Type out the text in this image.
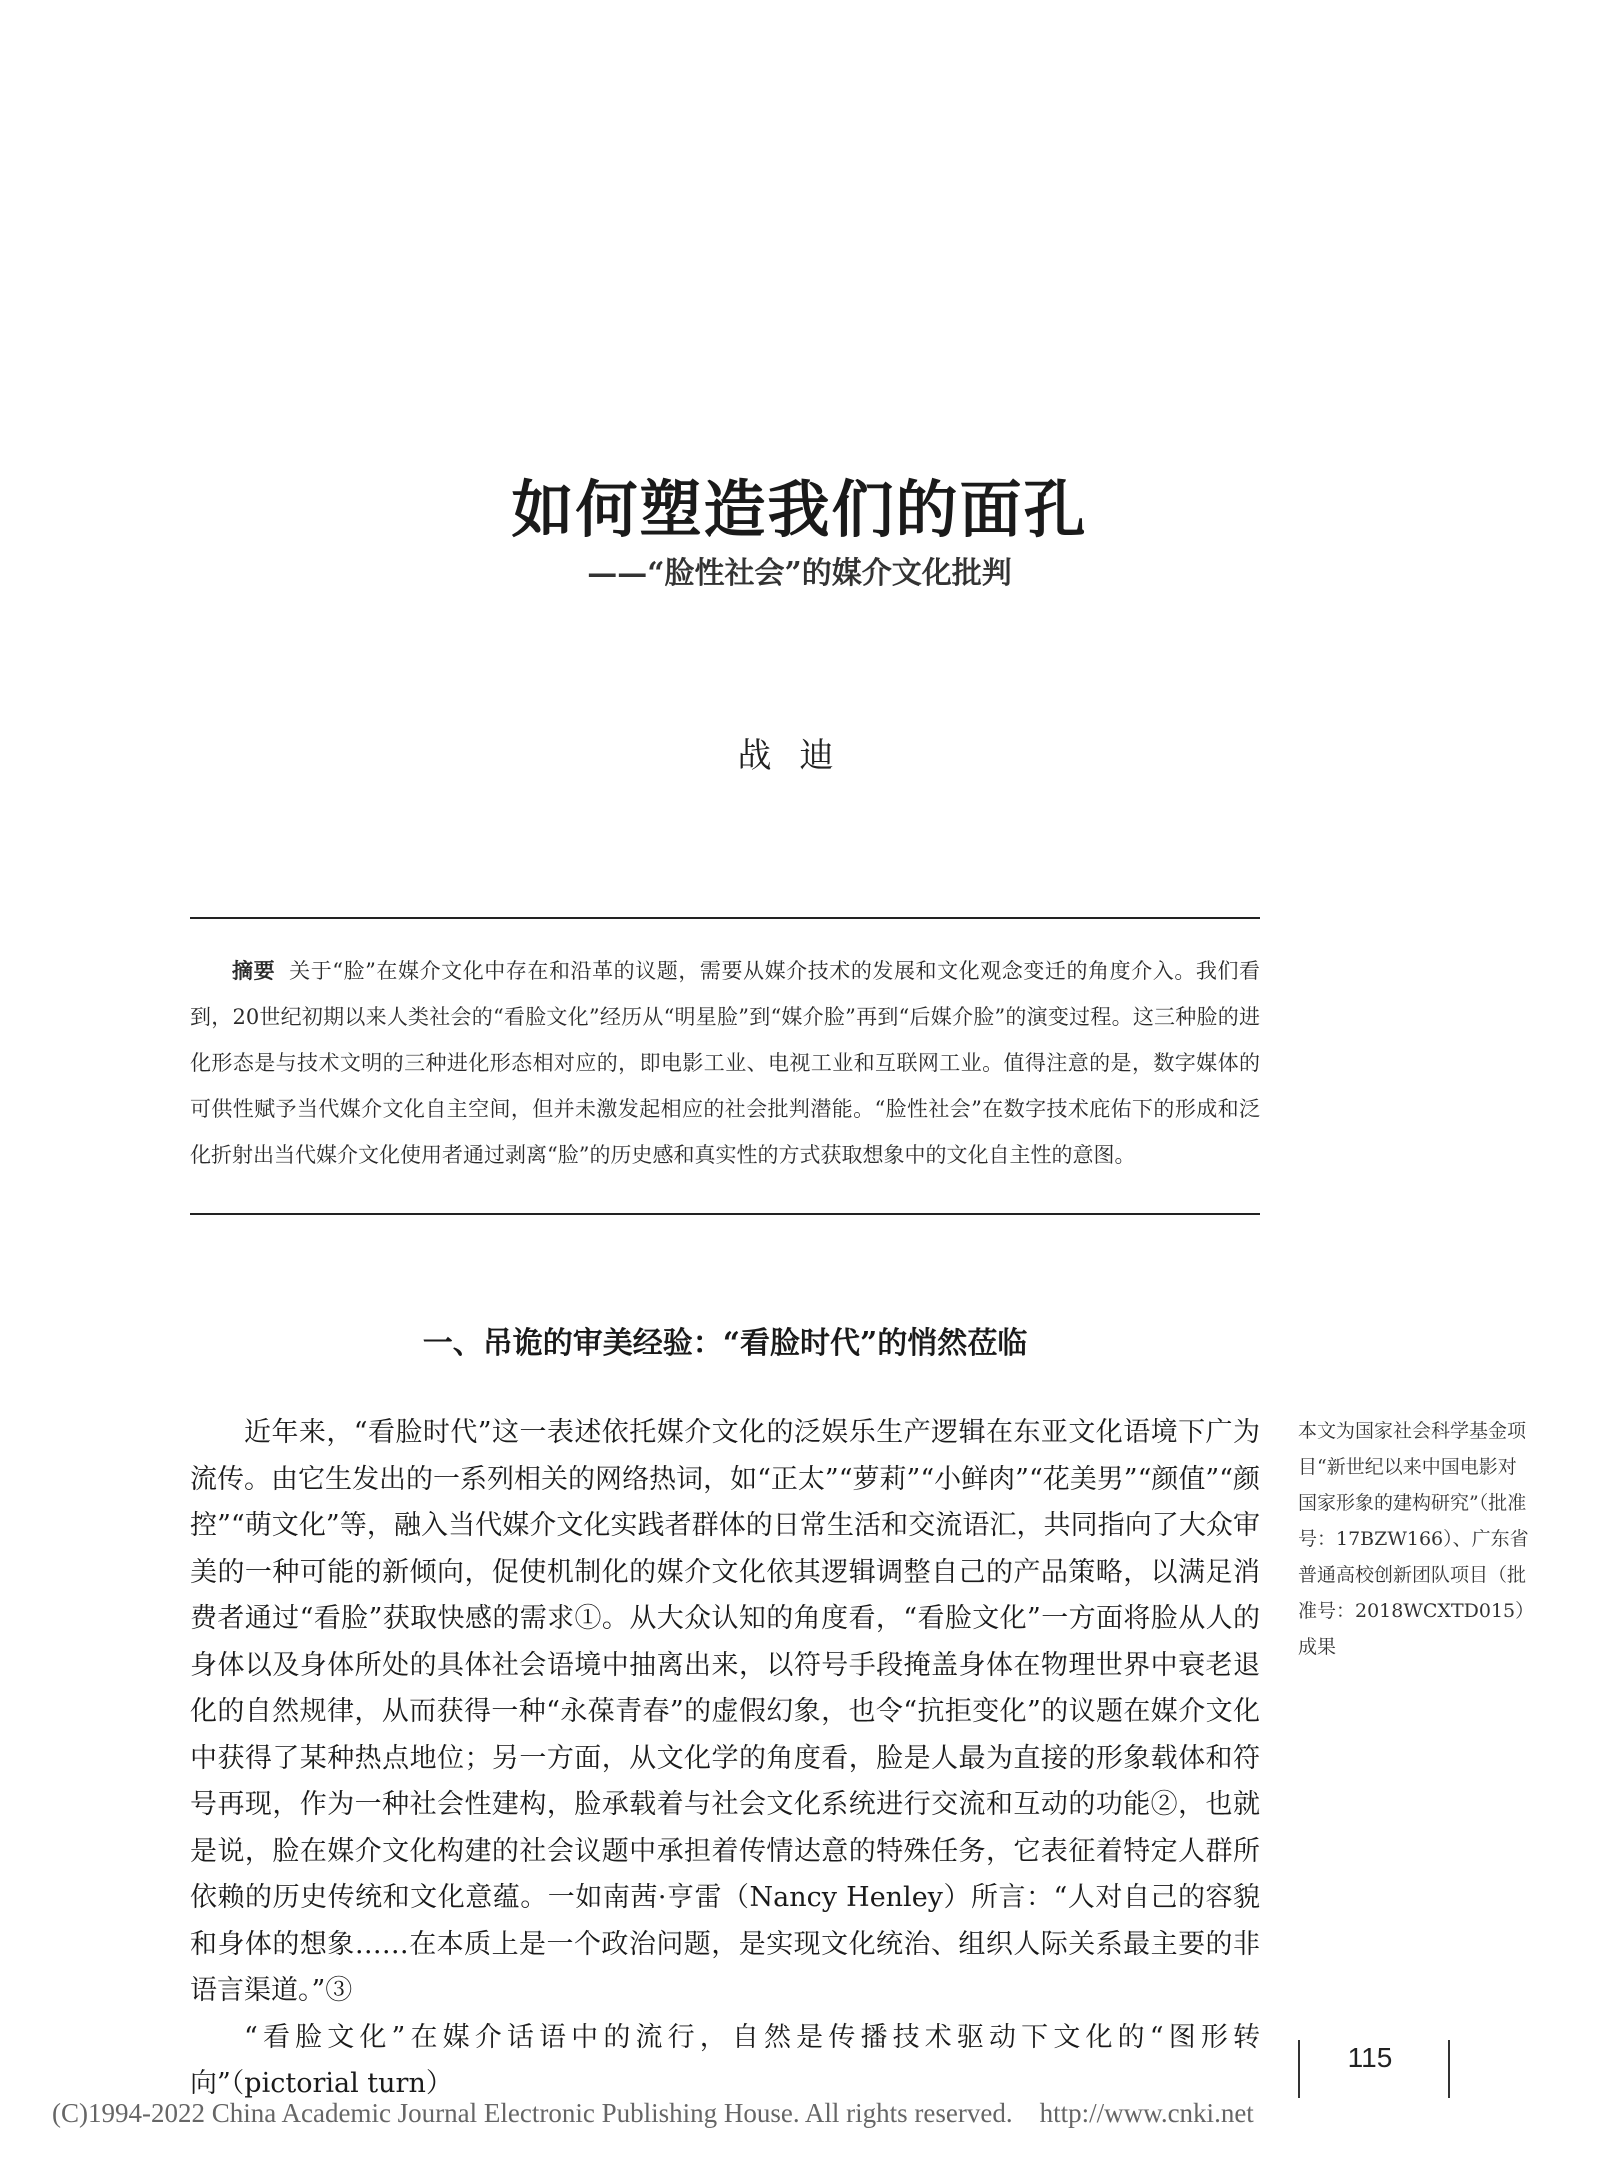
如何塑造我们的面孔
——“脸性社会”的媒介文化批判
战迪

摘要 关于“脸”在媒介文化中存在和沿革的议题，需要从媒介技术的发展和文化观念变迁的角度介入。我们看到，20世纪初期以来人类社会的“看脸文化”经历从“明星脸”到“媒介脸”再到“后媒介脸”的演变过程。这三种脸的进化形态是与技术文明的三种进化形态相对应的，即电影工业、电视工业和互联网工业。值得注意的是，数字媒体的可供性赋予当代媒介文化自主空间，但并未激发起相应的社会批判潜能。“脸性社会”在数字技术庇佑下的形成和泛化折射出当代媒介文化使用者通过剥离“脸”的历史感和真实性的方式获取想象中的文化自主性的意图。

一、吊诡的审美经验：“看脸时代”的悄然莅临

近年来，“看脸时代”这一表述依托媒介文化的泛娱乐生产逻辑在东亚文化语境下广为流传。由它生发出的一系列相关的网络热词，如“正太”“萝莉”“小鲜肉”“花美男”“颜值”“颜控”“萌文化”等，融入当代媒介文化实践者群体的日常生活和交流语汇，共同指向了大众审美的一种可能的新倾向，促使机制化的媒介文化依其逻辑调整自己的产品策略，以满足消费者通过“看脸”获取快感的需求①。从大众认知的角度看，“看脸文化”一方面将脸从人的身体以及身体所处的具体社会语境中抽离出来，以符号手段掩盖身体在物理世界中衰老退化的自然规律，从而获得一种“永葆青春”的虚假幻象，也令“抗拒变化”的议题在媒介文化中获得了某种热点地位；另一方面，从文化学的角度看，脸是人最为直接的形象载体和符号再现，作为一种社会性建构，脸承载着与社会文化系统进行交流和互动的功能②，也就是说，脸在媒介文化构建的社会议题中承担着传情达意的特殊任务，它表征着特定人群所依赖的历史传统和文化意蕴。一如南茜·亨雷（Nancy Henley）所言：“人对自己的容貌和身体的想象……在本质上是一个政治问题，是实现文化统治、组织人际关系最主要的非语言渠道。”③

“看脸文化”在媒介话语中的流行，自然是传播技术驱动下文化的“图形转向”（pictorial turn）

本文为国家社会科学基金项目“新世纪以来中国电影对国家形象的建构研究”（批准号：17BZW166）、广东省普通高校创新团队项目（批准号：2018WCXTD015）成果

115

(C)1994-2022 China Academic Journal Electronic Publishing House. All rights reserved. http://www.cnki.net
